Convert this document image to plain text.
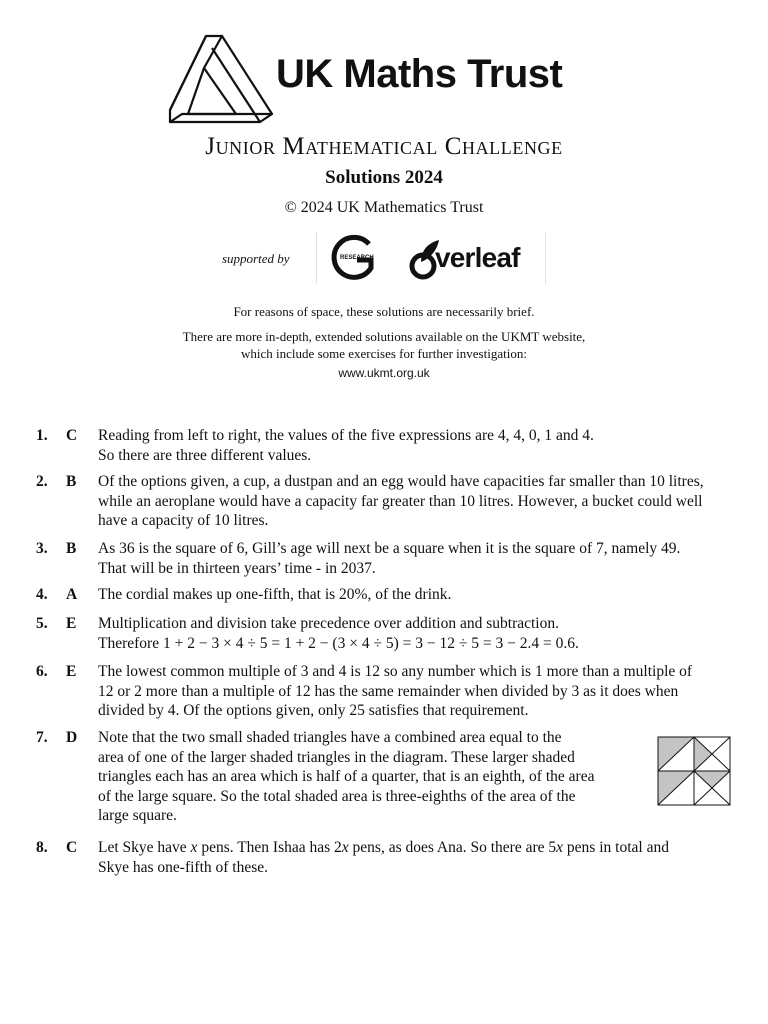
UK Maths Trust
Junior Mathematical Challenge
Solutions 2024
© 2024 UK Mathematics Trust
supported by	RESEARCH verleaf
For reasons of space, these solutions are necessarily brief.
There are more in-depth, extended solutions available on the UKMT website,
which include some exercises for further investigation:
www.ukmt.org.uk
1. C Reading from left to right, the values of the five expressions are 4, 4, 0, 1 and 4.
So there are three different values.
2. B Of the options given, a cup, a dustpan and an egg would have capacities far smaller than 10 litres,
while an aeroplane would have a capacity far greater than 10 litres. However, a bucket could well
have a capacity of 10 litres.
3. B As 36 is the square of 6, Gill’s age will next be a square when it is the square of 7, namely 49.
That will be in thirteen years’ time - in 2037.
4. A The cordial makes up one-fifth, that is 20%, of the drink.
5. E Multiplication and division take precedence over addition and subtraction.
Therefore 1 + 2 − 3 × 4 ÷ 5 = 1 + 2 − (3 × 4 ÷ 5) = 3 − 12 ÷ 5 = 3 − 2.4 = 0.6.
6. E The lowest common multiple of 3 and 4 is 12 so any number which is 1 more than a multiple of
12 or 2 more than a multiple of 12 has the same remainder when divided by 3 as it does when
divided by 4. Of the options given, only 25 satisfies that requirement.
7. D Note that the two small shaded triangles have a combined area equal to the
area of one of the larger shaded triangles in the diagram. These larger shaded
triangles each has an area which is half of a quarter, that is an eighth, of the area
of the large square. So the total shaded area is three-eighths of the area of the
large square.
8. C Let Skye have x pens. Then Ishaa has 2x pens, as does Ana. So there are 5x pens in total and
Skye has one-fifth of these.
